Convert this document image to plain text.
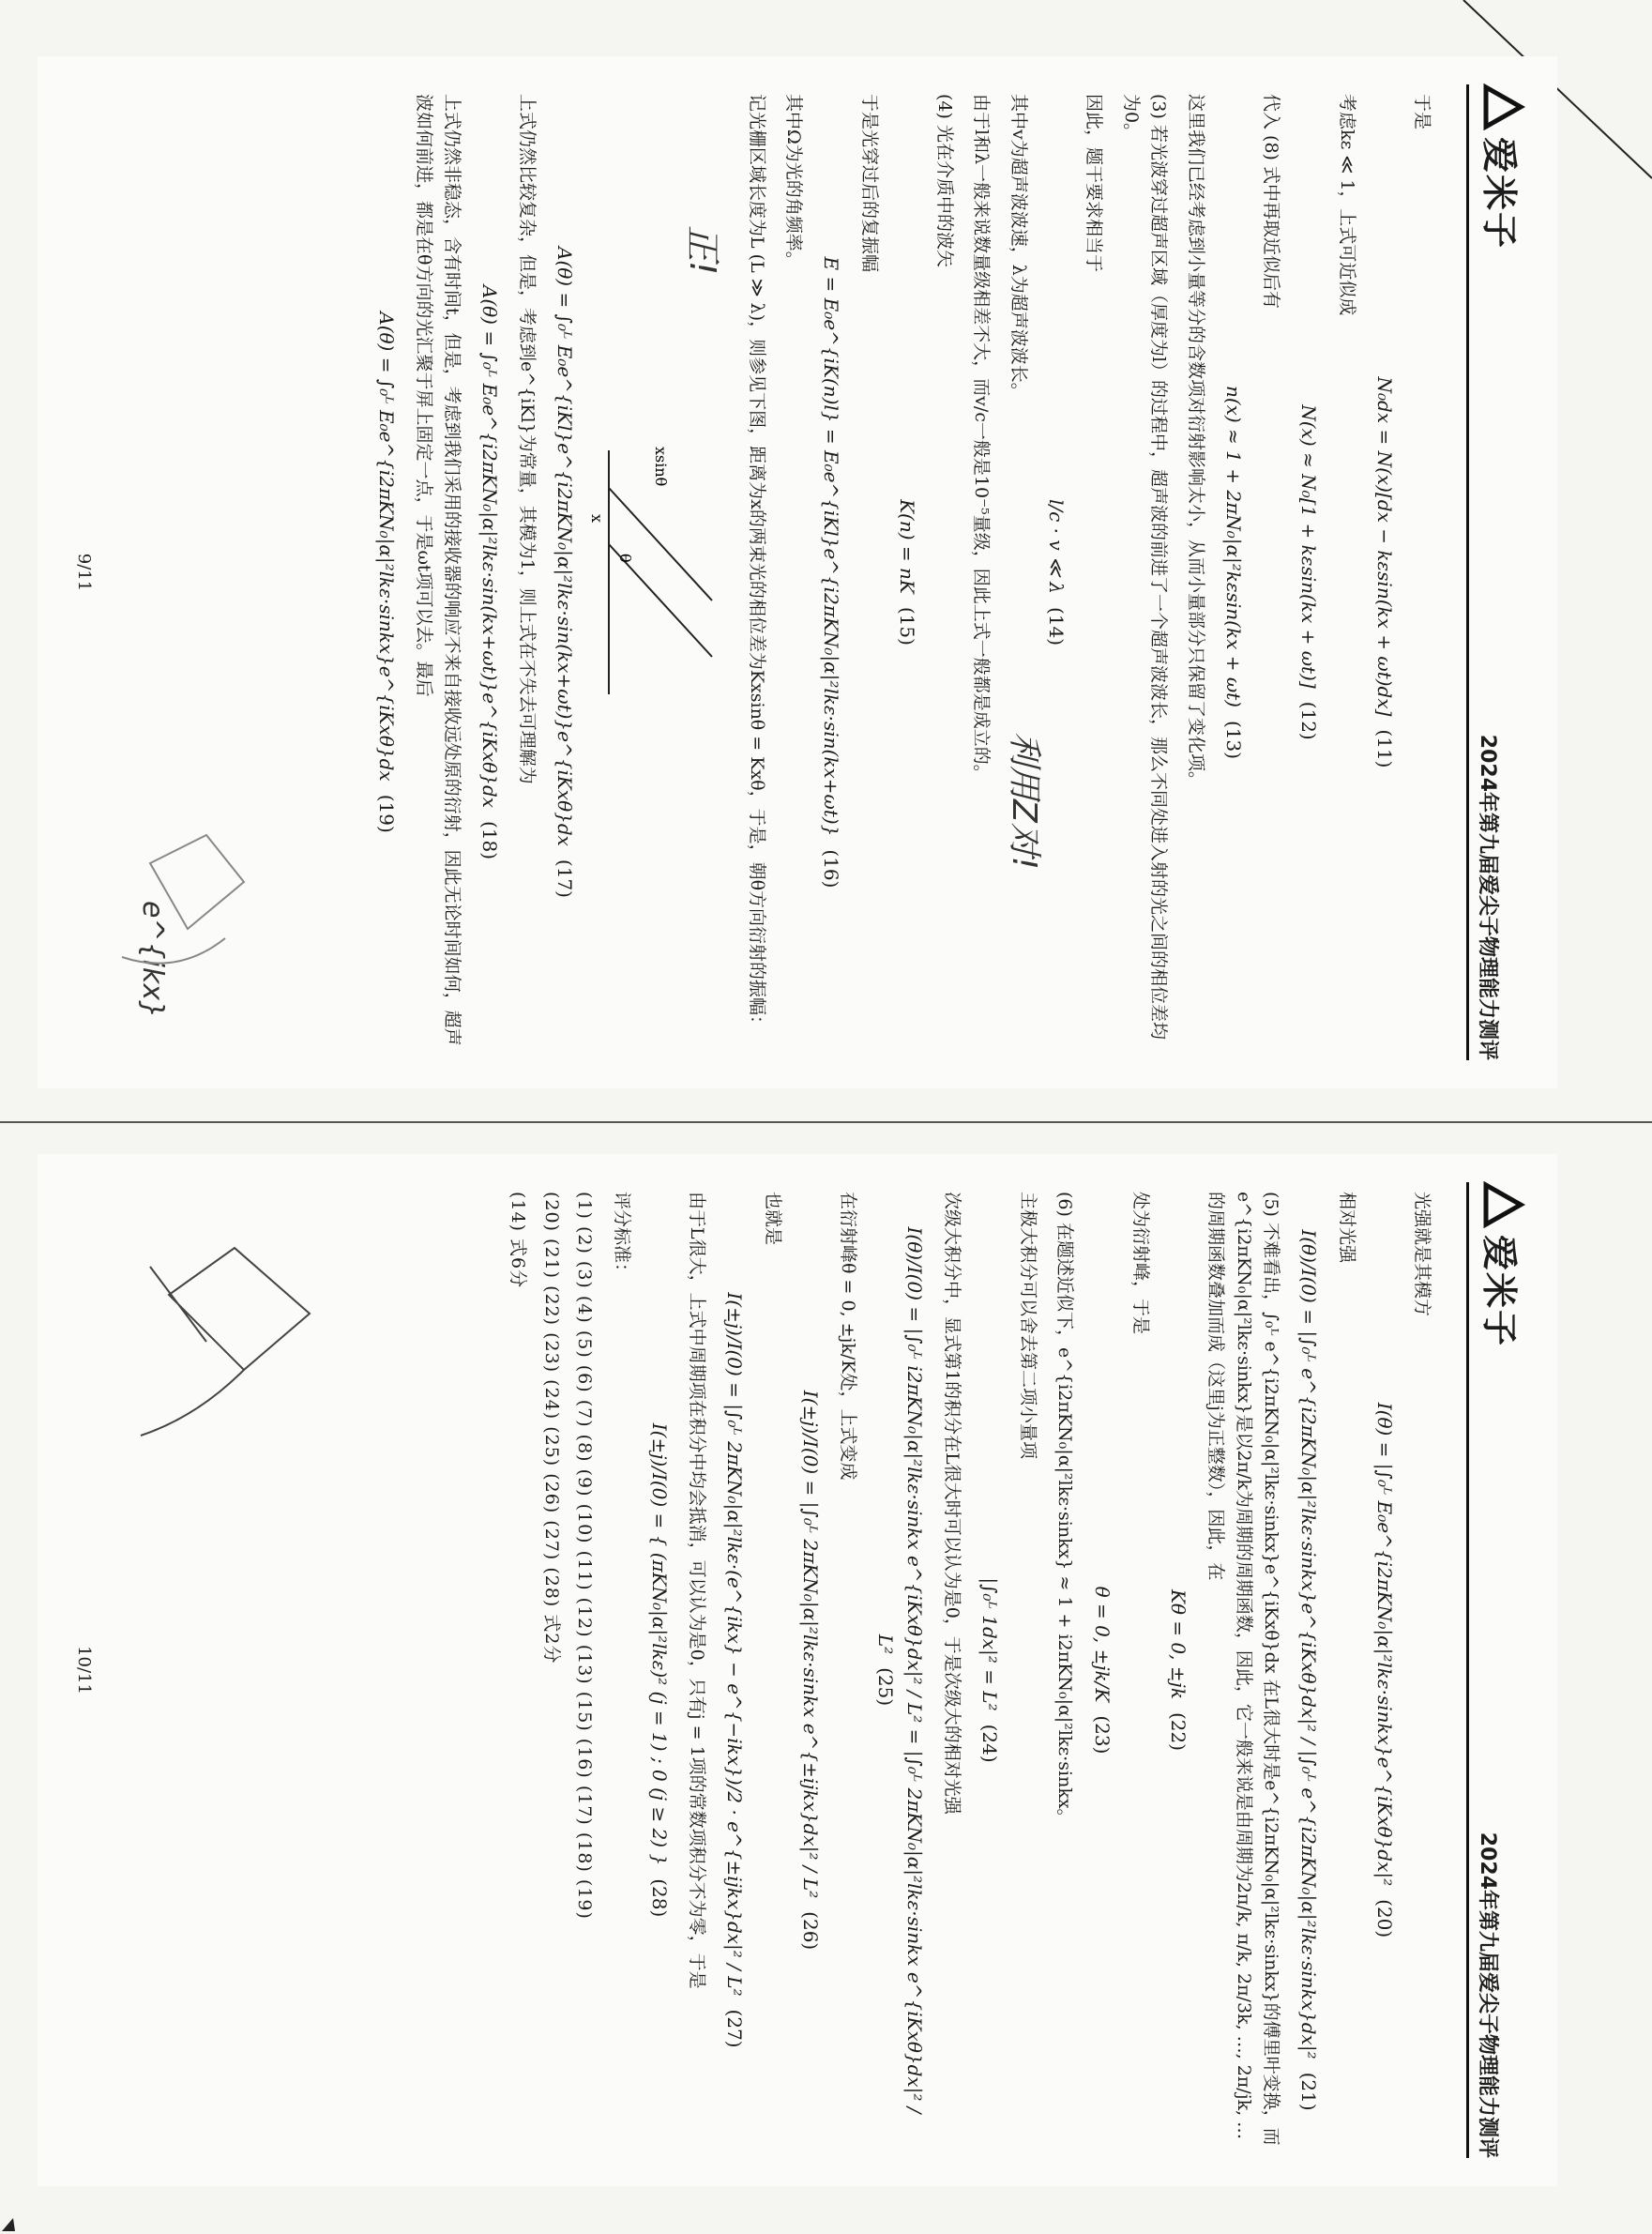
爱米子
2024年第九届爱尖子物理能力测评
于是
N₀dx = N(x)[dx − kεsin(kx + ωt)dx](11)
考虑kε ≪ 1，上式可近似成
N(x) ≈ N₀[1 + kεsin(kx + ωt)](12)
代入 (8) 式中再取近似后有
n(x) ≈ 1 + 2πN₀|α|²kεsin(kx + ωt)(13)
这里我们已经考虑到小量等分的含数项对衍射影响太小，从而小量部分只保留了变化项。
(3) 若光波穿过超声区域（厚度为l）的过程中，超声波的前进了一个超声波波长，那么不同处进入射的光之间的相位差均为0。
因此，题干要求相当于
l/c · v ≪ λ(14)
其中v为超声波波速，λ为超声波波长。
由于l和λ一般来说数量级相差不大，而v/c一般是10⁻⁵量级，因此上式一般都是成立的。
(4) 光在介质中的波矢
K(n) = nK(15)
于是光穿过后的复振幅
E = E₀e^{iK(n)l} = E₀e^{iKl}e^{i2πKN₀|α|²lkε·sin(kx+ωt)}(16)
其中Ω为光的角频率。
记光栅区域长度为L (L ≫ λ)，则参见下图，距离为x的两束光的相位差为Kxsinθ = Kxθ，于是，朝θ方向衍射的振幅：
x
θ
xsinθ
A(θ) = ∫₀ᴸ E₀e^{iKl}e^{i2πKN₀|α|²lkε·sin(kx+ωt)}e^{iKxθ}dx(17)
上式仍然比较复杂，但是，考虑到e^{iKl}为常量，其模为1，则上式在不失去可理解为
A(θ) = ∫₀ᴸ E₀e^{i2πKN₀|α|²lkε·sin(kx+ωt)}e^{iKxθ}dx(18)
上式仍然非稳态，含有时间t，但是，考虑到我们采用的接收器的响应不来自接收远处原的衍射，因此无论时间如何，超声波如何前进，都是在θ方向的光汇聚于屏上固定一点，于是ωt项可以去。最后
A(θ) = ∫₀ᴸ E₀e^{i2πKN₀|α|²lkε·sinkx}e^{iKxθ}dx(19)
9/11
利用Z对!
正!
e^{ikx}
爱米子
2024年第九届爱尖子物理能力测评
光强就是其模方
I(θ) = |∫₀ᴸ E₀e^{i2πKN₀|α|²lkε·sinkx}e^{iKxθ}dx|²(20)
相对光强
I(θ)/I(0) = |∫₀ᴸ e^{i2πKN₀|α|²lkε·sinkx}e^{iKxθ}dx|² / |∫₀ᴸ e^{i2πKN₀|α|²lkε·sinkx}dx|²(21)
(5) 不难看出，∫₀ᴸ e^{i2πKN₀|α|²lkε·sinkx}e^{iKxθ}dx 在L很大时是e^{i2πKN₀|α|²lkε·sinkx}的傅里叶变换，而e^{i2πKN₀|α|²lkε·sinkx}是以2π/k为周期的周期函数，因此，它一般来说是由周期为2π/k, π/k, 2π/3k, …, 2π/jk, …的周期函数叠加而成（这里j为正整数），因此，在
Kθ = 0, ±jk(22)
处为衍射峰，于是
θ = 0, ±jk/K(23)
(6) 在题述近似下，e^{i2πKN₀|α|²lkε·sinkx} ≈ 1 + i2πKN₀|α|²lkε·sinkx。
主极大积分可以舍去第二项小量项
|∫₀ᴸ 1dx|² = L²(24)
次级大积分中，显式第1的积分在L很大时可以认为是0，于是次级大的相对光强
I(θ)/I(0) = |∫₀ᴸ i2πKN₀|α|²lkε·sinkx e^{iKxθ}dx|² / L² = |∫₀ᴸ 2πKN₀|α|²lkε·sinkx e^{iKxθ}dx|² / L²(25)
在衍射峰θ = 0, ±jk/K处，上式变成
I(±j)/I(0) = |∫₀ᴸ 2πKN₀|α|²lkε·sinkx e^{±ijkx}dx|² / L²(26)
也就是
I(±j)/I(0) = |∫₀ᴸ 2πKN₀|α|²lkε·(e^{ikx} − e^{−ikx})/2 · e^{±ijkx}dx|² / L²(27)
由于L很大，上式中周期项在积分中均会抵消，可以认为是0，只有j = 1项的常数项积分不为零，于是
I(±j)/I(0) = { (πKN₀|α|²lkε)² (j = 1) ; 0 (j ≥ 2) }(28)
评分标准：
(1) (2) (3) (4) (5) (6) (7) (8) (9) (10) (11) (12) (13) (15) (16) (17) (18) (19)
(20) (21) (22) (23) (24) (25) (26) (27) (28) 式2分
(14) 式6分
10/11
